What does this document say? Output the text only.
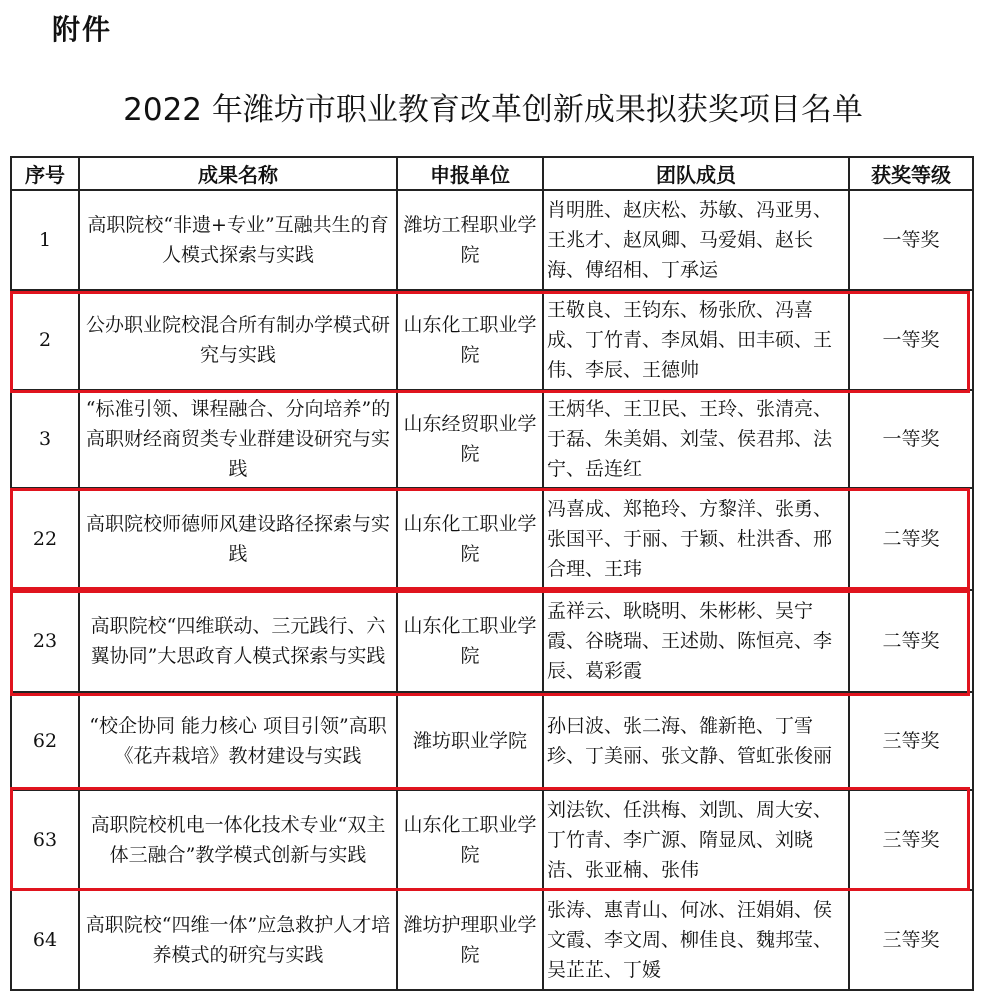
附件
2022 年潍坊市职业教育改革创新成果拟获奖项目名单
序号	成果名称	申报单位	团队成员	获奖等级
1	高职院校“非遗+专业”互融共生的育人模式探索与实践	潍坊工程职业学院	肖明胜、赵庆松、苏敏、冯亚男、王兆才、赵凤卿、马爱娟、赵长海、傅绍相、丁承运	一等奖
2	公办职业院校混合所有制办学模式研究与实践	山东化工职业学院	王敬良、王钧东、杨张欣、冯喜成、丁竹青、李凤娟、田丰硕、王伟、李辰、王德帅	一等奖
3	“标准引领、课程融合、分向培养”的高职财经商贸类专业群建设研究与实践	山东经贸职业学院	王炳华、王卫民、王玲、张清亮、于磊、朱美娟、刘莹、侯君邦、法宁、岳连红	一等奖
22	高职院校师德师风建设路径探索与实践	山东化工职业学院	冯喜成、郑艳玲、方黎洋、张勇、张国平、于丽、于颖、杜洪香、邢合理、王玮	二等奖
23	高职院校“四维联动、三元践行、六翼协同”大思政育人模式探索与实践	山东化工职业学院	孟祥云、耿晓明、朱彬彬、吴宁霞、谷晓瑞、王述勋、陈恒亮、李辰、葛彩霞	二等奖
62	“校企协同 能力核心 项目引领”高职《花卉栽培》教材建设与实践	潍坊职业学院	孙曰波、张二海、雒新艳、丁雪珍、丁美丽、张文静、管虹张俊丽	三等奖
63	高职院校机电一体化技术专业“双主体三融合”教学模式创新与实践	山东化工职业学院	刘法钦、任洪梅、刘凯、周大安、丁竹青、李广源、隋显凤、刘晓洁、张亚楠、张伟	三等奖
64	高职院校“四维一体”应急救护人才培养模式的研究与实践	潍坊护理职业学院	张涛、惠青山、何冰、汪娟娟、侯文霞、李文周、柳佳良、魏邦莹、吴芷芷、丁媛	三等奖
